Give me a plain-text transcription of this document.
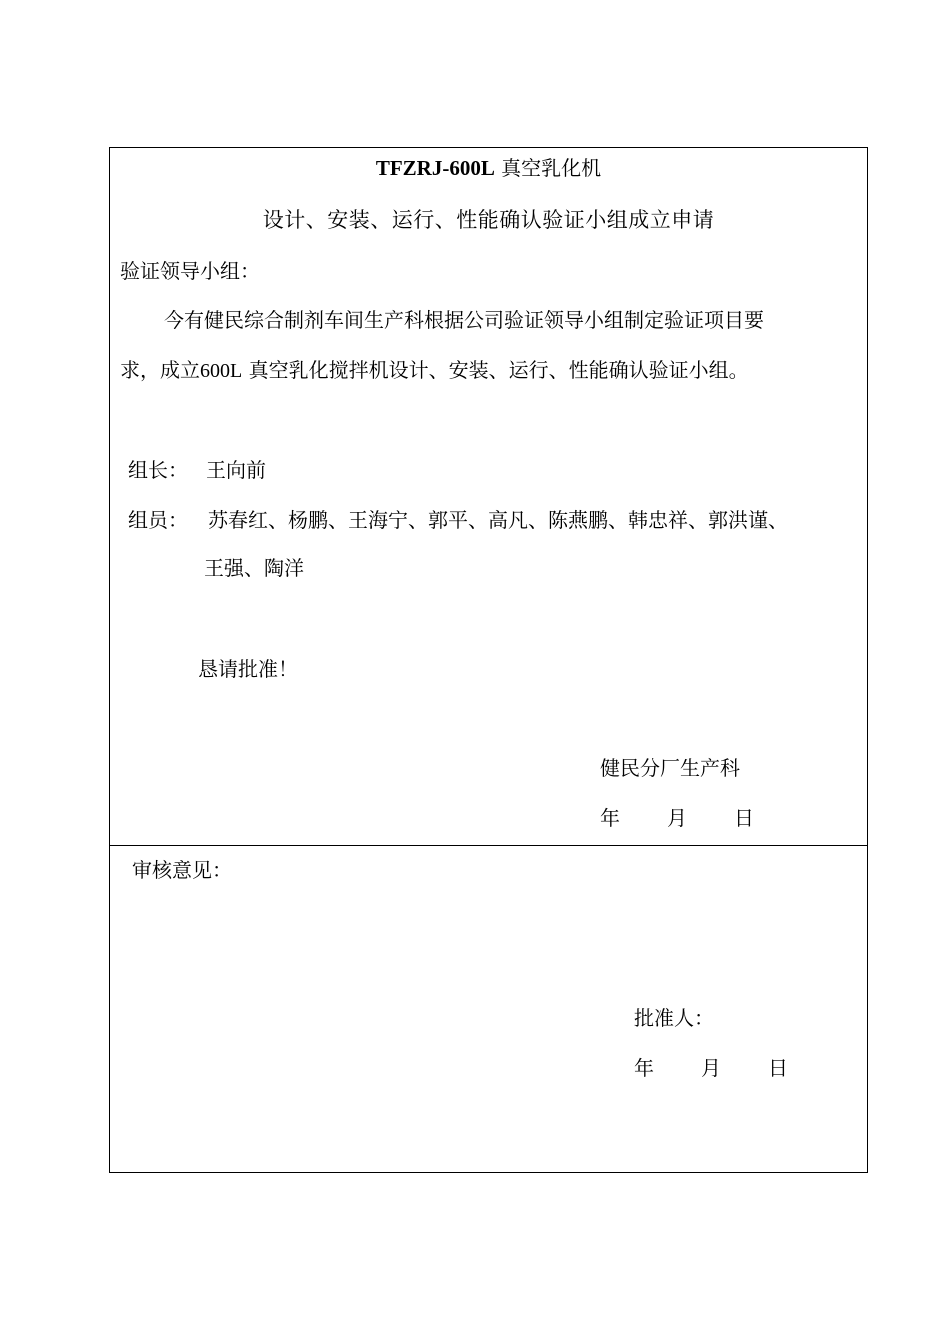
TFZRJ-600L 真空乳化机
设计、安装、运行、性能确认验证小组成立申请
验证领导小组：
今有健民综合制剂车间生产科根据公司验证领导小组制定验证项目要
求，成立600L 真空乳化搅拌机设计、安装、运行、性能确认验证小组。
组长： 王向前
组员： 苏春红、杨鹏、王海宁、郭平、高凡、陈燕鹏、韩忠祥、郭洪谨、
王强、陶洋
恳请批准！
健民分厂生产科
年 月 日
审核意见：
批准人：
年 月 日
